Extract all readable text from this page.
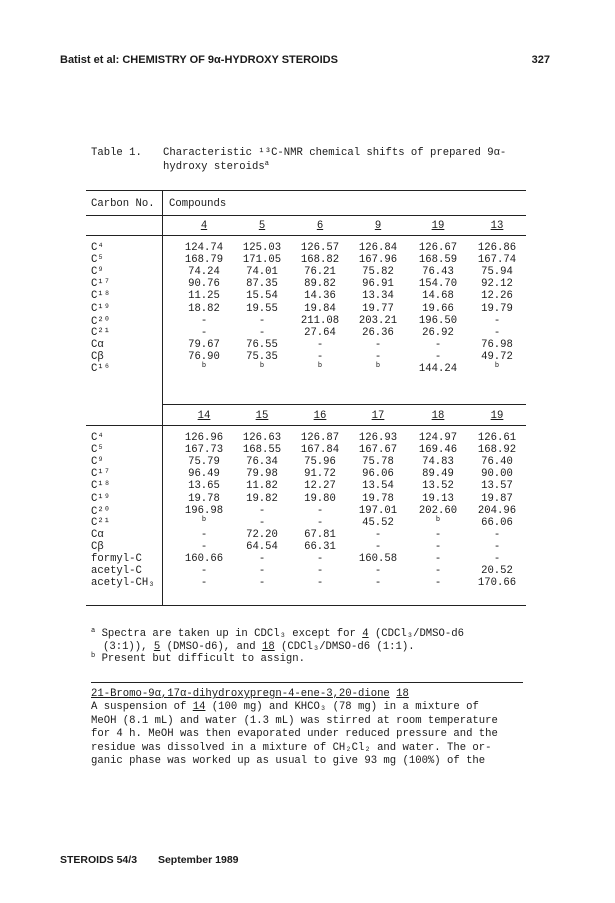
Batist et al: CHEMISTRY OF 9α-HYDROXY STEROIDS	327
Table 1. Characteristic ¹³C-NMR chemical shifts of prepared 9α-
hydroxy steroids$^a$
Carbon No. Compounds
4	5	6	9	19	13
C⁴	124.74	125.03	126.57	126.84	126.67	126.86
C⁵	168.79	171.05	168.82	167.96	168.59	167.74
C⁹	74.24	74.01	76.21	75.82	76.43	75.94
C¹⁷	90.76	87.35	89.82	96.91	154.70	92.12
C¹⁸	11.25	15.54	14.36	13.34	14.68	12.26
C¹⁹	18.82	19.55	19.84	19.77	19.66	19.79
C²⁰	-	-	211.08	203.21	196.50	-
C²¹	-	-	27.64	26.36	26.92	-
Cα	79.67	76.55	-	-	-	76.98
Cβ	76.90	75.35	-	-	-	49.72
C¹⁶	$^b$	$^b$	$^b$	$^b$	144.24	$^b$
14	15	16	17	18	19
C⁴	126.96	126.63	126.87	126.93	124.97	126.61
C⁵	167.73	168.55	167.84	167.67	169.46	168.92
C⁹	75.79	76.34	75.96	75.78	74.83	76.40
C¹⁷	96.49	79.98	91.72	96.06	89.49	90.00
C¹⁸	13.65	11.82	12.27	13.54	13.52	13.57
C¹⁹	19.78	19.82	19.80	19.78	19.13	19.87
C²⁰	196.98	-	-	197.01	202.60	204.96
C²¹	$^b$	-	-	45.52	$^b$	66.06
Cα	-	72.20	67.81	-	-	-
Cβ	-	64.54	66.31	-	-	-
formyl-C	160.66	-	-	160.58	-	-
acetyl-C	-	-	-	-	-	20.52
acetyl-CH₃	-	-	-	-	-	170.66
$^a$ Spectra are taken up in CDCl₃ except for 4 (CDCl₃/DMSO-d6
(3:1)), 5 (DMSO-d6), and 18 (CDCl₃/DMSO-d6 (1:1).
$^b$ Present but difficult to assign.
21-Bromo-9α,17α-dihydroxypregn-4-ene-3,20-dione 18
A suspension of 14 (100 mg) and KHCO₃ (78 mg) in a mixture of
MeOH (8.1 mL) and water (1.3 mL) was stirred at room temperature
for 4 h. MeOH was then evaporated under reduced pressure and the
residue was dissolved in a mixture of CH₂Cl₂ and water. The or-
ganic phase was worked up as usual to give 93 mg (100%) of the
STEROIDS 54/3 September 1989
